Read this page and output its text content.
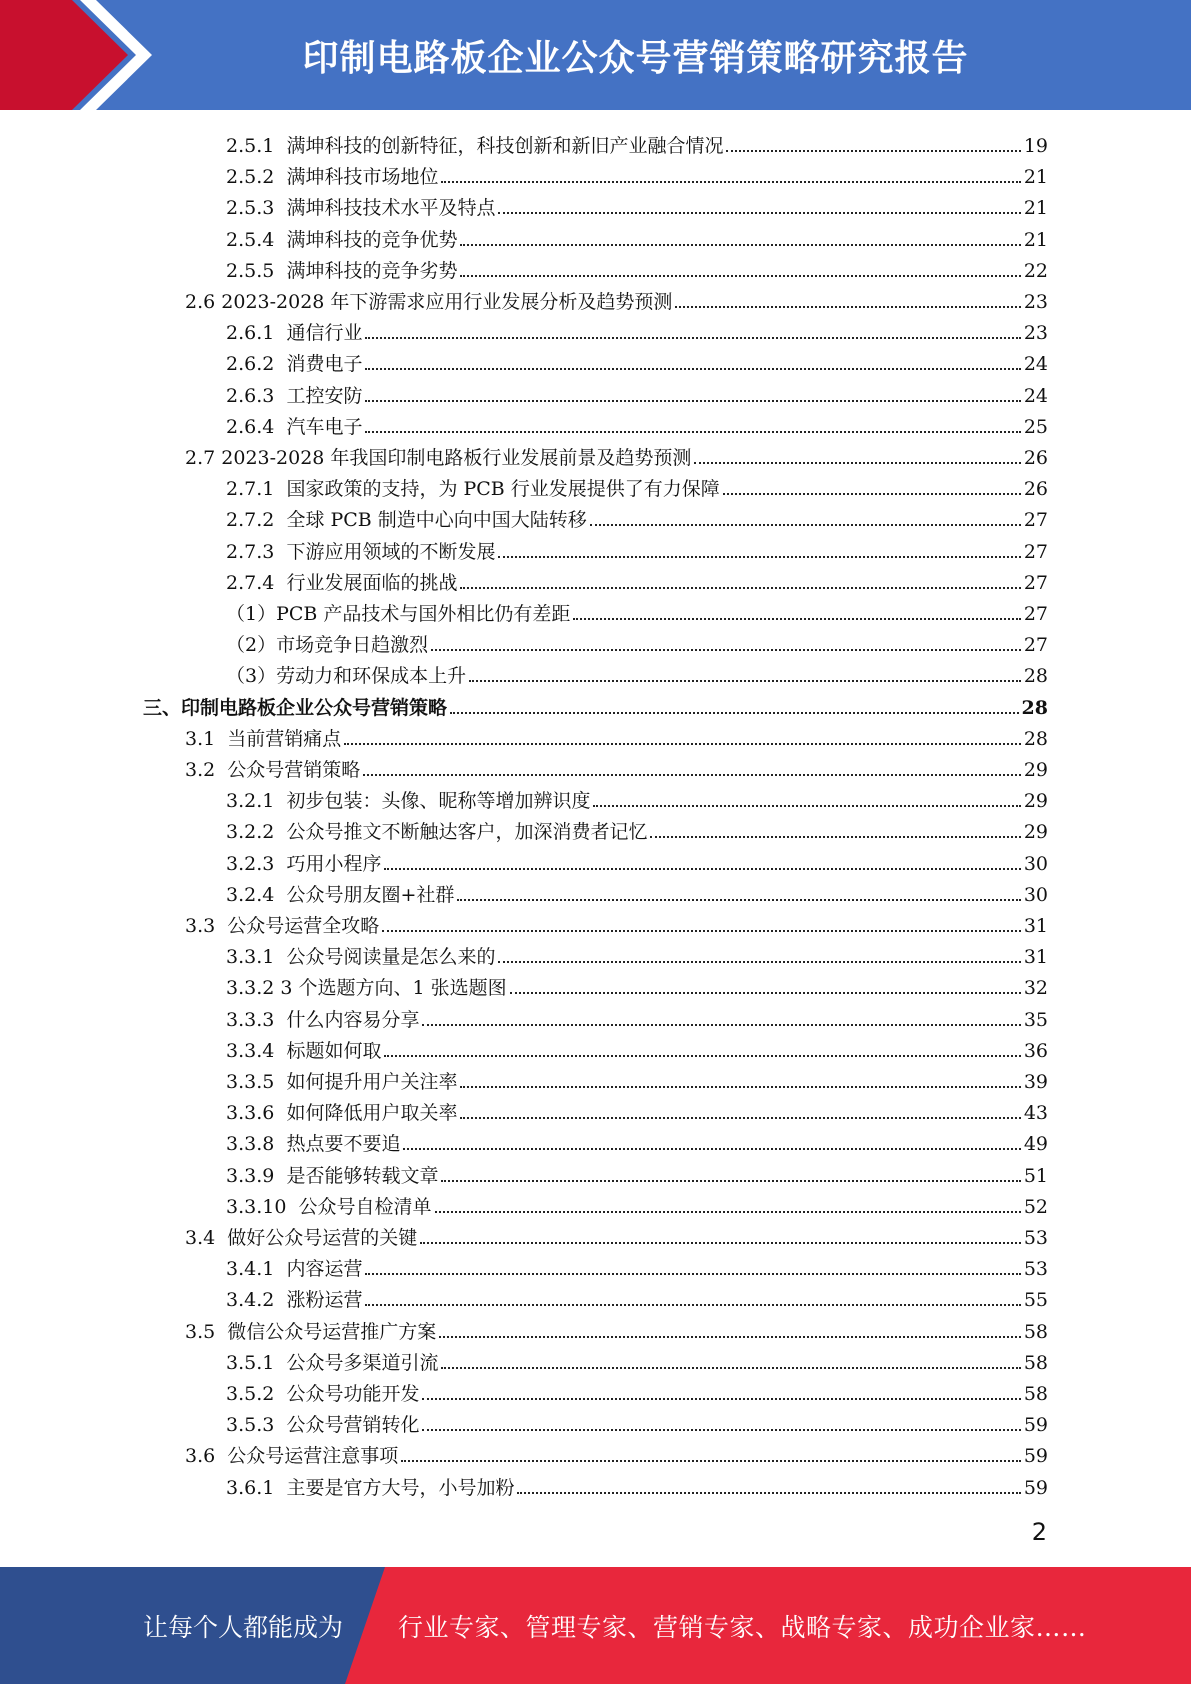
印制电路板企业公众号营销策略研究报告
2.5.1 满坤科技的创新特征，科技创新和新旧产业融合情况	19
2.5.2 满坤科技市场地位	21
2.5.3 满坤科技技术水平及特点	21
2.5.4 满坤科技的竞争优势	21
2.5.5 满坤科技的竞争劣势	22
2.6 2023-2028 年下游需求应用行业发展分析及趋势预测	23
2.6.1 通信行业	23
2.6.2 消费电子	24
2.6.3 工控安防	24
2.6.4 汽车电子	25
2.7 2023-2028 年我国印制电路板行业发展前景及趋势预测	26
2.7.1 国家政策的支持，为 PCB 行业发展提供了有力保障	26
2.7.2 全球 PCB 制造中心向中国大陆转移	27
2.7.3 下游应用领域的不断发展	27
2.7.4 行业发展面临的挑战	27
（1） PCB 产品技术与国外相比仍有差距	27
（2） 市场竞争日趋激烈	27
（3） 劳动力和环保成本上升	28
三、 印制电路板企业公众号营销策略	28
3.1 当前营销痛点	28
3.2 公众号营销策略	29
3.2.1 初步包装：头像、昵称等增加辨识度	29
3.2.2 公众号推文不断触达客户，加深消费者记忆	29
3.2.3 巧用小程序	30
3.2.4 公众号朋友圈+社群	30
3.3 公众号运营全攻略	31
3.3.1 公众号阅读量是怎么来的	31
3.3.2 3 个选题方向、1 张选题图	32
3.3.3 什么内容易分享	35
3.3.4 标题如何取	36
3.3.5 如何提升用户关注率	39
3.3.6 如何降低用户取关率	43
3.3.8 热点要不要追	49
3.3.9 是否能够转载文章	51
3.3.10 公众号自检清单	52
3.4 做好公众号运营的关键	53
3.4.1 内容运营	53
3.4.2 涨粉运营	55
3.5 微信公众号运营推广方案	58
3.5.1 公众号多渠道引流	58
3.5.2 公众号功能开发	58
3.5.3 公众号营销转化	59
3.6 公众号运营注意事项	59
3.6.1 主要是官方大号，小号加粉	59
2
让每个人都能成为 行业专家、管理专家、营销专家、战略专家、成功企业家……
